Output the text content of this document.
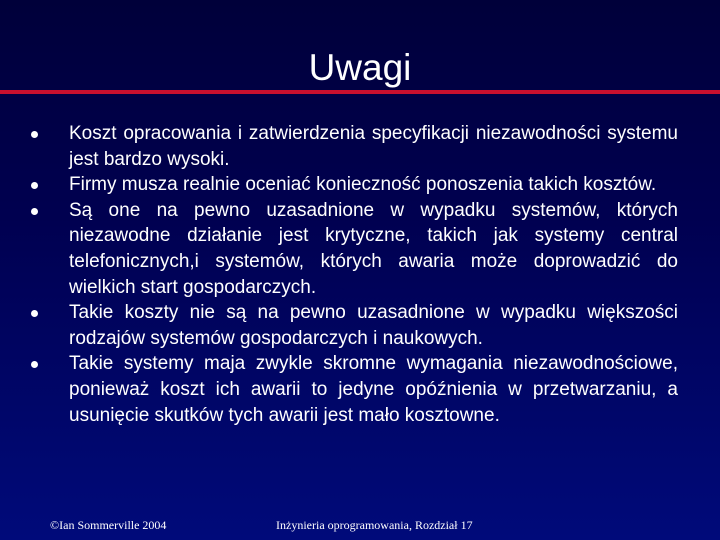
Uwagi
Koszt opracowania i zatwierdzenia specyfikacji niezawodności systemu jest bardzo wysoki.
Firmy musza realnie oceniać konieczność ponoszenia takich kosztów.
Są one na pewno uzasadnione w wypadku systemów, których niezawodne działanie jest krytyczne, takich jak systemy central telefonicznych,i systemów, których awaria może doprowadzić do wielkich start gospodarczych.
Takie koszty nie są na pewno uzasadnione w wypadku większości rodzajów systemów gospodarczych i naukowych.
Takie systemy maja zwykle skromne wymagania niezawodnościowe, ponieważ koszt ich awarii to jedyne opóźnienia w przetwarzaniu, a usunięcie skutków tych awarii jest mało kosztowne.
©Ian Sommerville 2004	Inżynieria oprogramowania, Rozdział 17
